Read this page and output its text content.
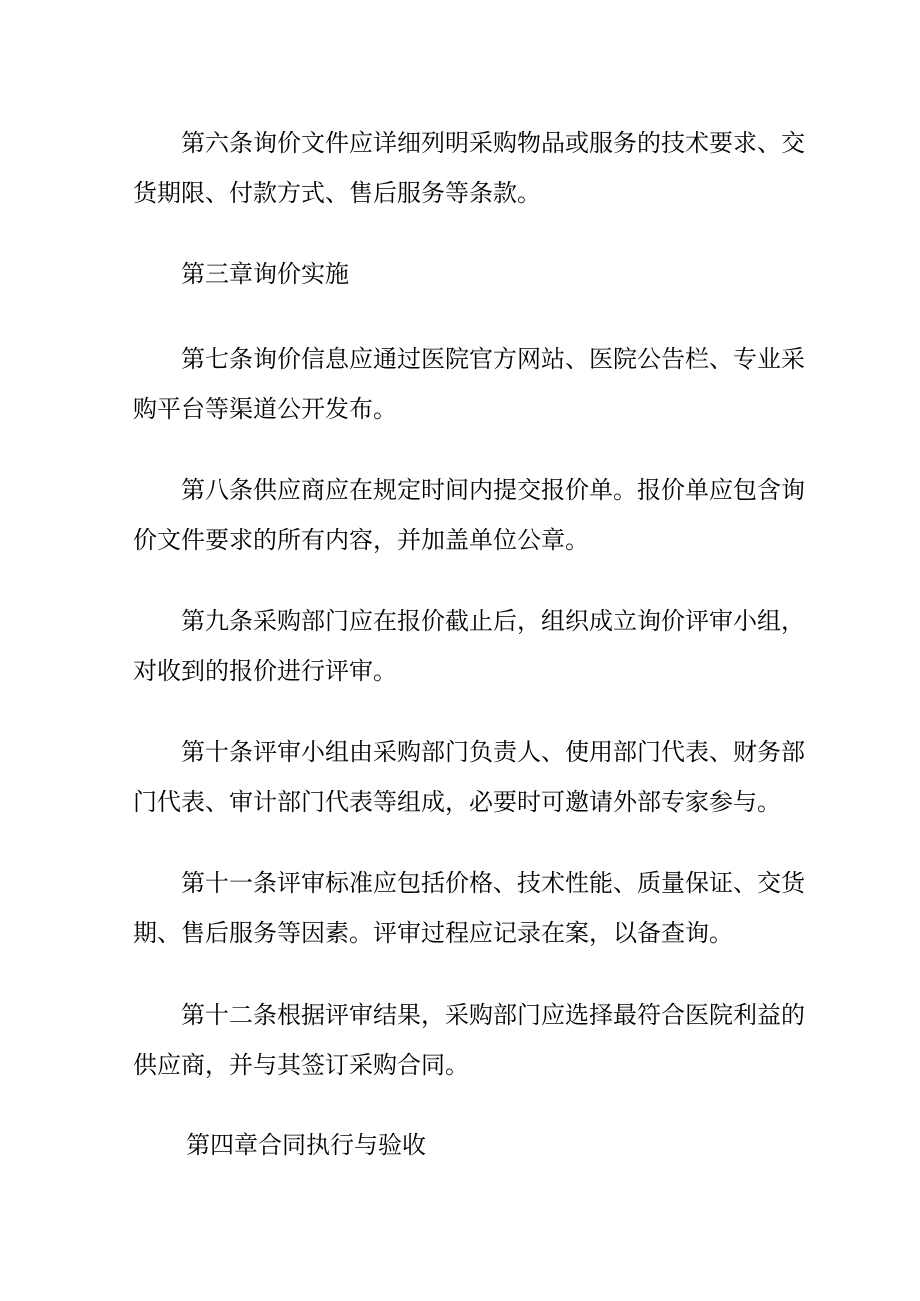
第六条询价文件应详细列明采购物品或服务的技术要求、交
货期限、付款方式、售后服务等条款。

第三章询价实施

第七条询价信息应通过医院官方网站、医院公告栏、专业采
购平台等渠道公开发布。

第八条供应商应在规定时间内提交报价单。报价单应包含询
价文件要求的所有内容，并加盖单位公章。

第九条采购部门应在报价截止后，组织成立询价评审小组，
对收到的报价进行评审。

第十条评审小组由采购部门负责人、使用部门代表、财务部
门代表、审计部门代表等组成，必要时可邀请外部专家参与。

第十一条评审标准应包括价格、技术性能、质量保证、交货
期、售后服务等因素。评审过程应记录在案，以备查询。

第十二条根据评审结果，采购部门应选择最符合医院利益的
供应商，并与其签订采购合同。

第四章合同执行与验收
